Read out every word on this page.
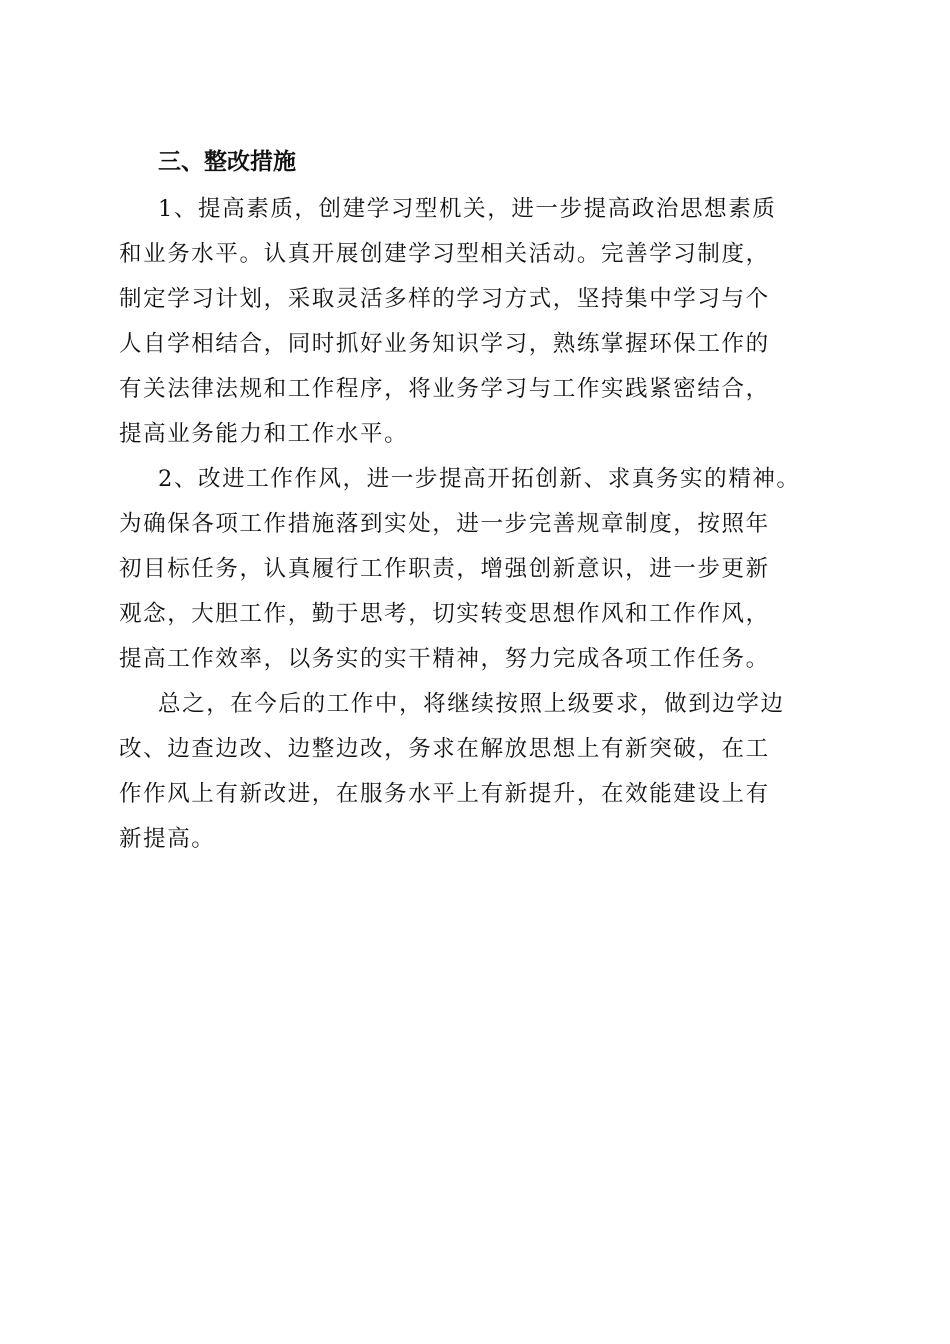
三、整改措施
1、提高素质，创建学习型机关，进一步提高政治思想素质
和业务水平。认真开展创建学习型相关活动。完善学习制度，
制定学习计划，采取灵活多样的学习方式，坚持集中学习与个
人自学相结合，同时抓好业务知识学习，熟练掌握环保工作的
有关法律法规和工作程序，将业务学习与工作实践紧密结合，
提高业务能力和工作水平。
2、改进工作作风，进一步提高开拓创新、求真务实的精神。
为确保各项工作措施落到实处，进一步完善规章制度，按照年
初目标任务，认真履行工作职责，增强创新意识，进一步更新
观念，大胆工作，勤于思考，切实转变思想作风和工作作风，
提高工作效率，以务实的实干精神，努力完成各项工作任务。
总之，在今后的工作中，将继续按照上级要求，做到边学边
改、边查边改、边整边改，务求在解放思想上有新突破，在工
作作风上有新改进，在服务水平上有新提升，在效能建设上有
新提高。
